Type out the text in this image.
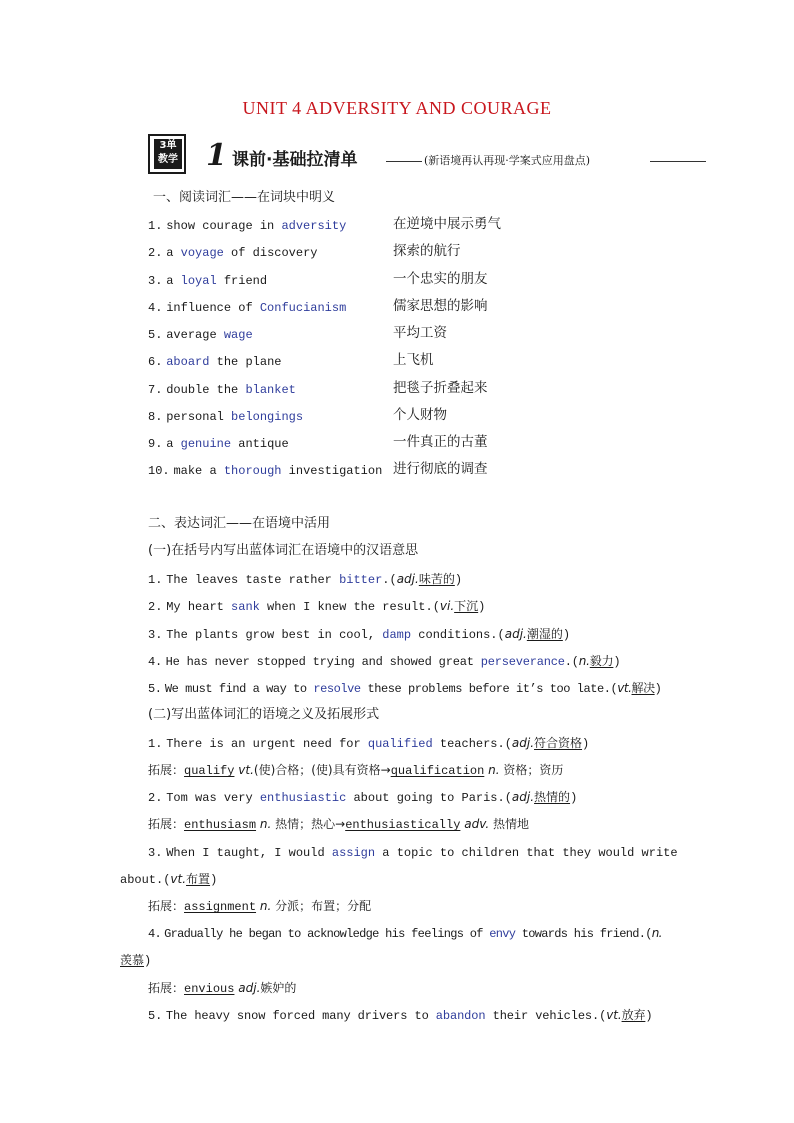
UNIT 4 ADVERSITY AND COURAGE
3单
教学 1 课前·基础拉清单	(新语境再认再现·学案式应用盘点)
一、阅读词汇——在词块中明义
1. show courage in adversity	在逆境中展示勇气
2. a voyage of discovery	探索的航行
3. a loyal friend	一个忠实的朋友
4. influence of Confucianism	儒家思想的影响
5. average wage	平均工资
6. aboard the plane	上飞机
7. double the blanket	把毯子折叠起来
8. personal belongings	个人财物
9. a genuine antique	一件真正的古董
10. make a thorough investigation 进行彻底的调查
二、表达词汇——在语境中活用
(一)在括号内写出蓝体词汇在语境中的汉语意思
1. The leaves taste rather bitter.(adj.味苦的)
2. My heart sank when I knew the result.(vi.下沉)
3. The plants grow best in cool, damp conditions.(adj.潮湿的)
4. He has never stopped trying and showed great perseverance.(n.毅力)
5. We must find a way to resolve these problems before it’s too late.(vt.解决)
(二)写出蓝体词汇的语境之义及拓展形式
1. There is an urgent need for qualified teachers.(adj.符合资格)
拓展：qualify vt.(使)合格；(使)具有资格→qualification n. 资格；资历
2. Tom was very enthusiastic about going to Paris.(adj.热情的)
拓展：enthusiasm n. 热情；热心→enthusiastically adv. 热情地
3. When I taught, I would assign a topic to children that they would write
about.(vt.布置)
拓展：assignment n. 分派；布置；分配
4. Gradually he began to acknowledge his feelings of envy towards his friend.(n.
羡慕)
拓展：envious adj.嫉妒的
5. The heavy snow forced many drivers to abandon their vehicles.(vt.放弃)
